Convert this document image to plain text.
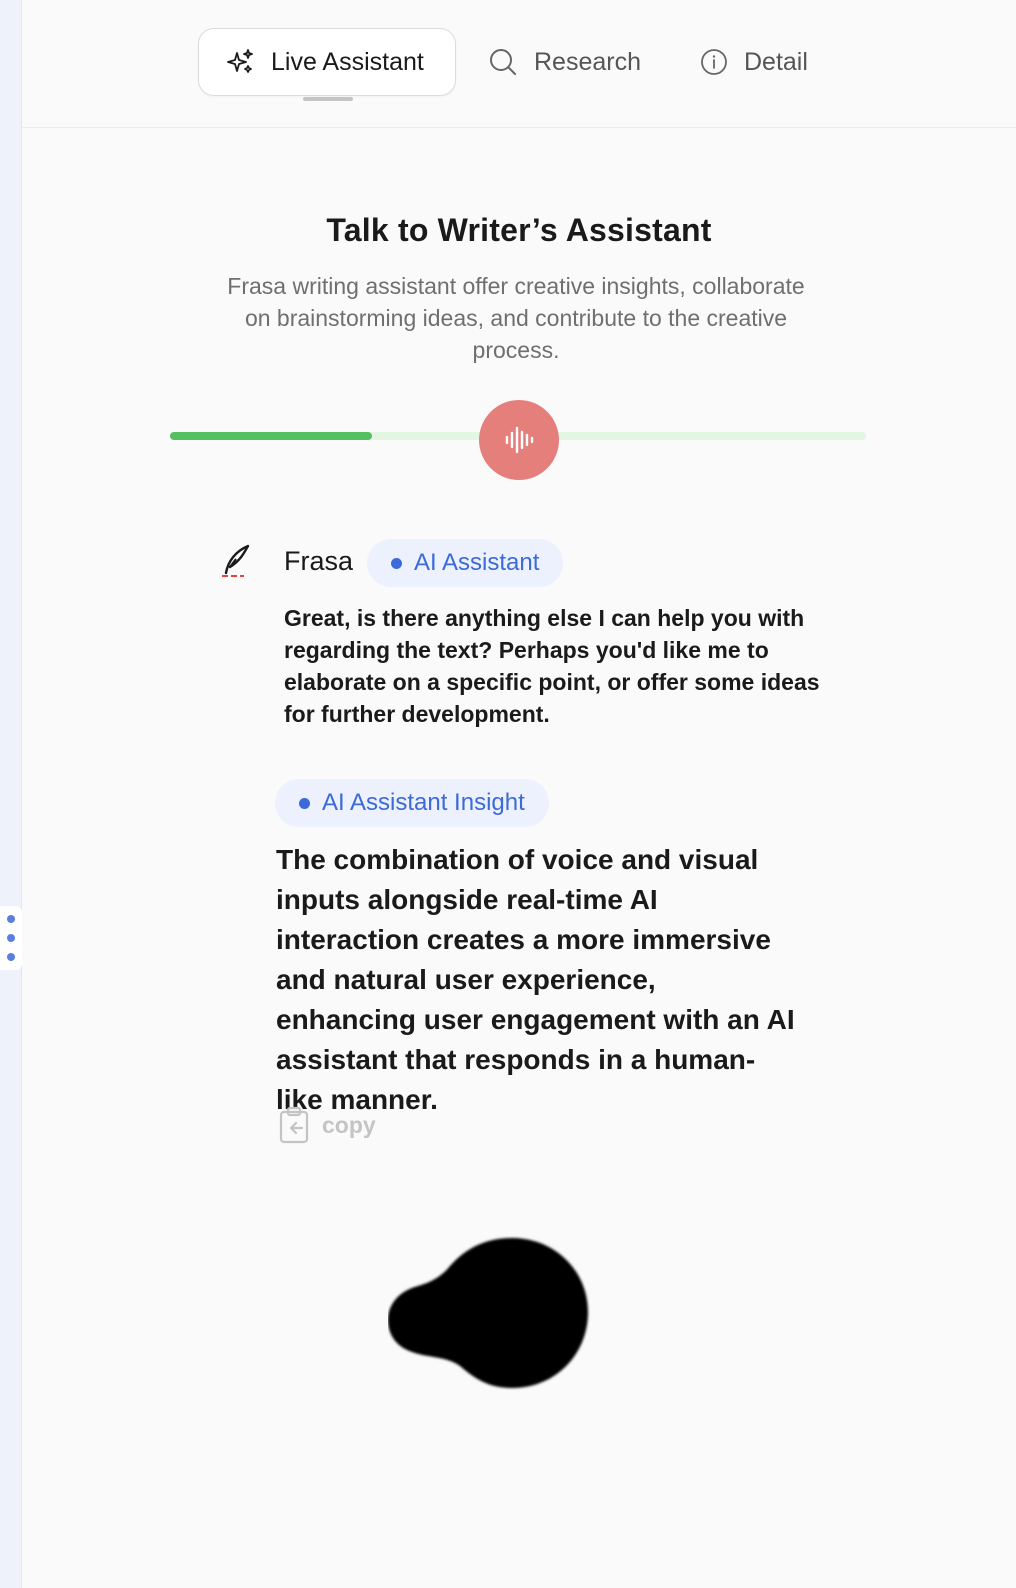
Live Assistant	Research	Detail
Talk to Writer’s Assistant

Frasa writing assistant offer creative insights, collaborate on brainstorming ideas, and contribute to the creative process.

Frasa	AI Assistant

Great, is there anything else I can help you with regarding the text? Perhaps you'd like me to elaborate on a specific point, or offer some ideas for further development.

AI Assistant Insight

The combination of voice and visual inputs alongside real-time AI interaction creates a more immersive and natural user experience, enhancing user engagement with an AI assistant that responds in a human-like manner.

copy
